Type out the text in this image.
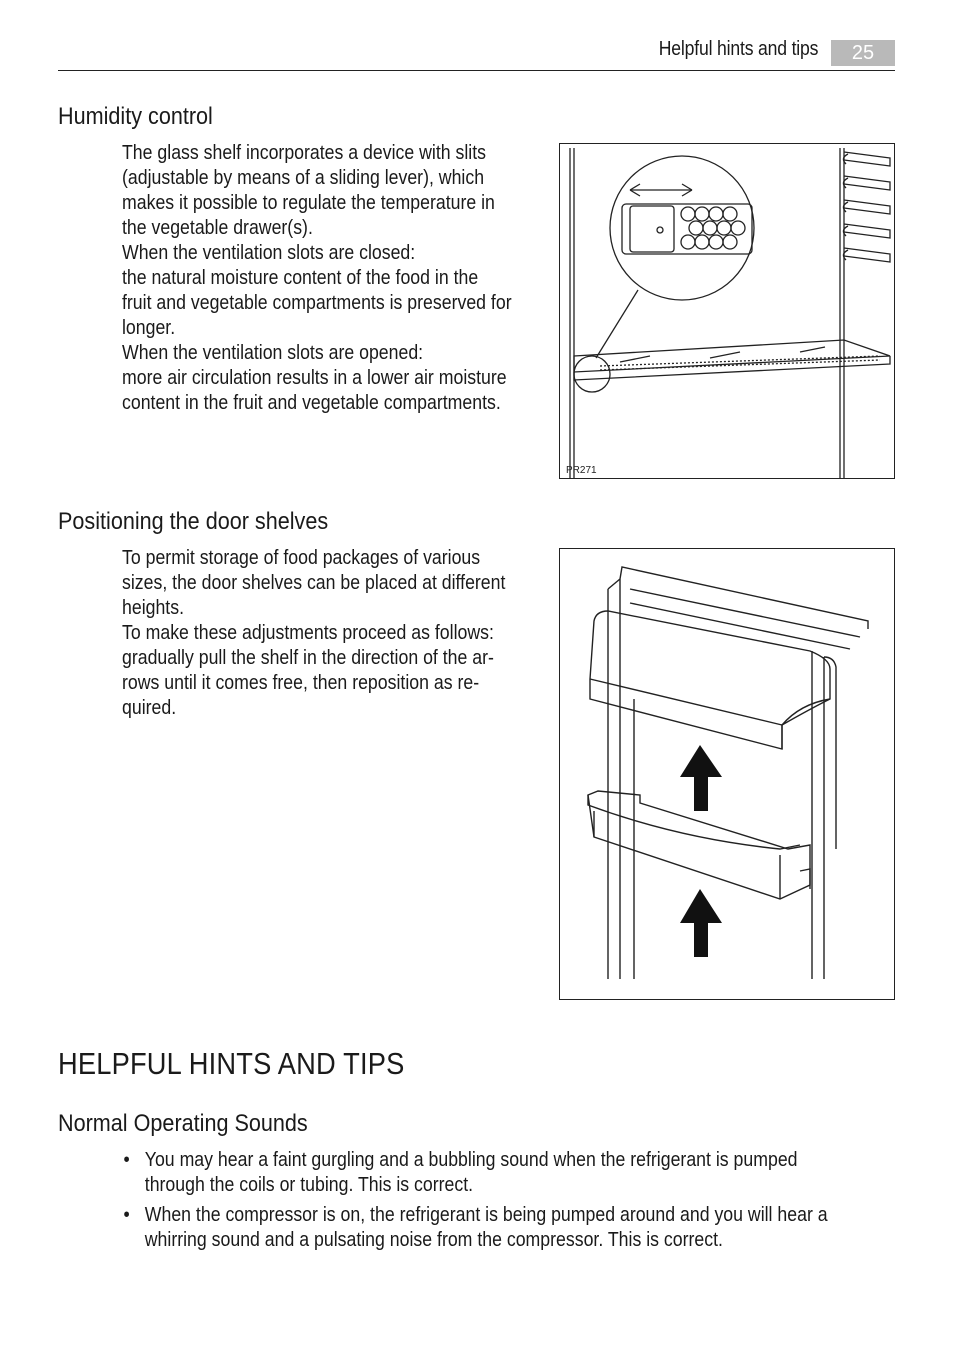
Helpful hints and tips	25
Humidity control
The glass shelf incorporates a device with slits
(adjustable by means of a sliding lever), which
makes it possible to regulate the temperature in
the vegetable drawer(s).
When the ventilation slots are closed:
the natural moisture content of the food in the
fruit and vegetable compartments is preserved for
longer.
When the ventilation slots are opened:
more air circulation results in a lower air moisture
content in the fruit and vegetable compartments.
PR271
Positioning the door shelves
To permit storage of food packages of various
sizes, the door shelves can be placed at different
heights.
To make these adjustments proceed as follows:
gradually pull the shelf in the direction of the ar-
rows until it comes free, then reposition as re-
quired.
HELPFUL HINTS AND TIPS
Normal Operating Sounds
• You may hear a faint gurgling and a bubbling sound when the refrigerant is pumped
through the coils or tubing. This is correct.
• When the compressor is on, the refrigerant is being pumped around and you will hear a
whirring sound and a pulsating noise from the compressor. This is correct.
